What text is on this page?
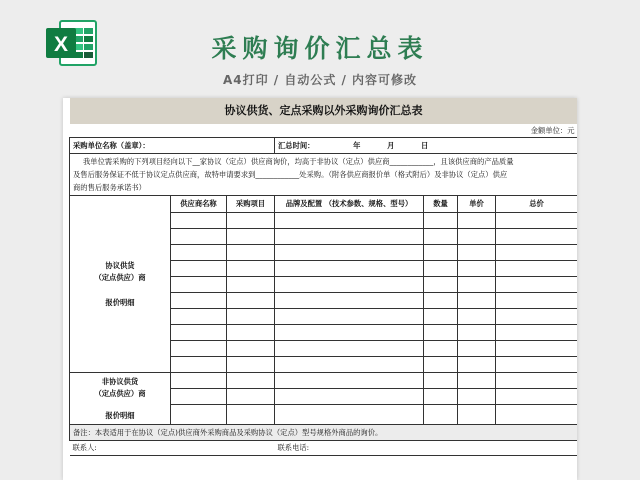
X	采购询价汇总表
A4打印 / 自动公式 / 内容可修改
协议供货、定点采购以外采购询价汇总表						
金额单位：元						
采购单位名称（盖章）：			汇总时间： 年 月 日			

我单位需采购的下列项目经向以下__家协议（定点）供应商询价，均高于非协议（定点）供应商____________，且该供应商的产品质量
及售后服务保证不低于协议定点供应商，故特申请要求到____________处采购。（附各供应商报价单（格式附后）及非协议（定点）供应
商的售后服务承诺书）						

协议供货
（定点供应）商
报价明细	供应商名称	采购项目	品牌及配置 （技术参数、规格、型号）	数量	单价	总价

非协议供货
（定点供应）商
报价明细						

备注：本表适用于在协议（定点)供应商外采购商品及采购协议（定点）型号规格外商品的询价。						
联系人:			联系电话:			
